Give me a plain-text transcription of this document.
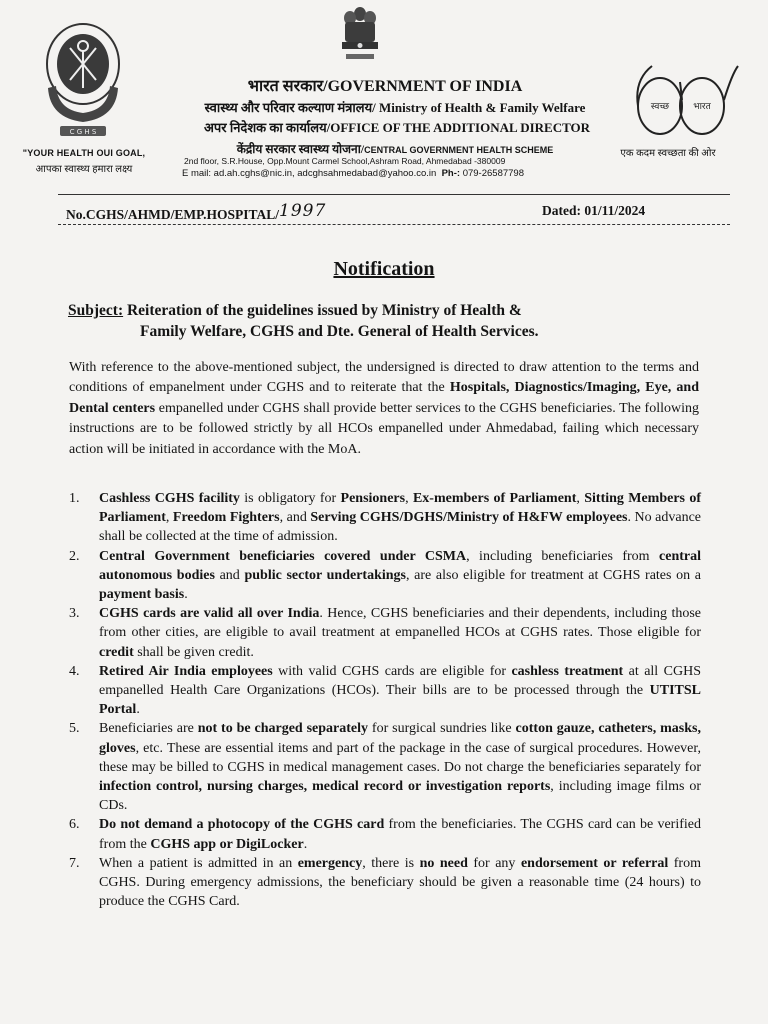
C G H S
"YOUR HEALTH OUI GOAL,
आपका स्वास्थ्य हमारा लक्ष्य
स्वच्छ	भारत
एक कदम स्वच्छता की ओर
भारत सरकार/GOVERNMENT OF INDIA
स्वास्थ्य और परिवार कल्याण मंत्रालय/ Ministry of Health & Family Welfare
अपर निदेशक का कार्यालय/OFFICE OF THE ADDITIONAL DIRECTOR
केंद्रीय सरकार स्वास्थ्य योजना/CENTRAL GOVERNMENT HEALTH SCHEME
2nd floor, S.R.House, Opp.Mount Carmel School,Ashram Road, Ahmedabad -380009
E mail: ad.ah.cghs@nic.in, adcghsahmedabad@yahoo.co.in Ph-: 079-26587798
No.CGHS/AHMD/EMP.HOSPITAL/1997	Dated: 01/11/2024
Notification
Subject: Reiteration of the guidelines issued by Ministry of Health &
Family Welfare, CGHS and Dte. General of Health Services.
With reference to the above-mentioned subject, the undersigned is directed to draw attention to the terms and conditions of empanelment under CGHS and to reiterate that the Hospitals, Diagnostics/Imaging, Eye, and Dental centers empanelled under CGHS shall provide better services to the CGHS beneficiaries. The following instructions are to be followed strictly by all HCOs empanelled under Ahmedabad, failing which necessary action will be initiated in accordance with the MoA.
1.	Cashless CGHS facility is obligatory for Pensioners, Ex-members of Parliament, Sitting Members of Parliament, Freedom Fighters, and Serving CGHS/DGHS/Ministry of H&FW employees. No advance shall be collected at the time of admission.
2.	Central Government beneficiaries covered under CSMA, including beneficiaries from central autonomous bodies and public sector undertakings, are also eligible for treatment at CGHS rates on a payment basis.
3.	CGHS cards are valid all over India. Hence, CGHS beneficiaries and their dependents, including those from other cities, are eligible to avail treatment at empanelled HCOs at CGHS rates. Those eligible for credit shall be given credit.
4.	Retired Air India employees with valid CGHS cards are eligible for cashless treatment at all CGHS empanelled Health Care Organizations (HCOs). Their bills are to be processed through the UTITSL Portal.
5.	Beneficiaries are not to be charged separately for surgical sundries like cotton gauze, catheters, masks, gloves, etc. These are essential items and part of the package in the case of surgical procedures. However, these may be billed to CGHS in medical management cases. Do not charge the beneficiaries separately for infection control, nursing charges, medical record or investigation reports, including image films or CDs.
6.	Do not demand a photocopy of the CGHS card from the beneficiaries. The CGHS card can be verified from the CGHS app or DigiLocker.
7.	When a patient is admitted in an emergency, there is no need for any endorsement or referral from CGHS. During emergency admissions, the beneficiary should be given a reasonable time (24 hours) to produce the CGHS Card.
